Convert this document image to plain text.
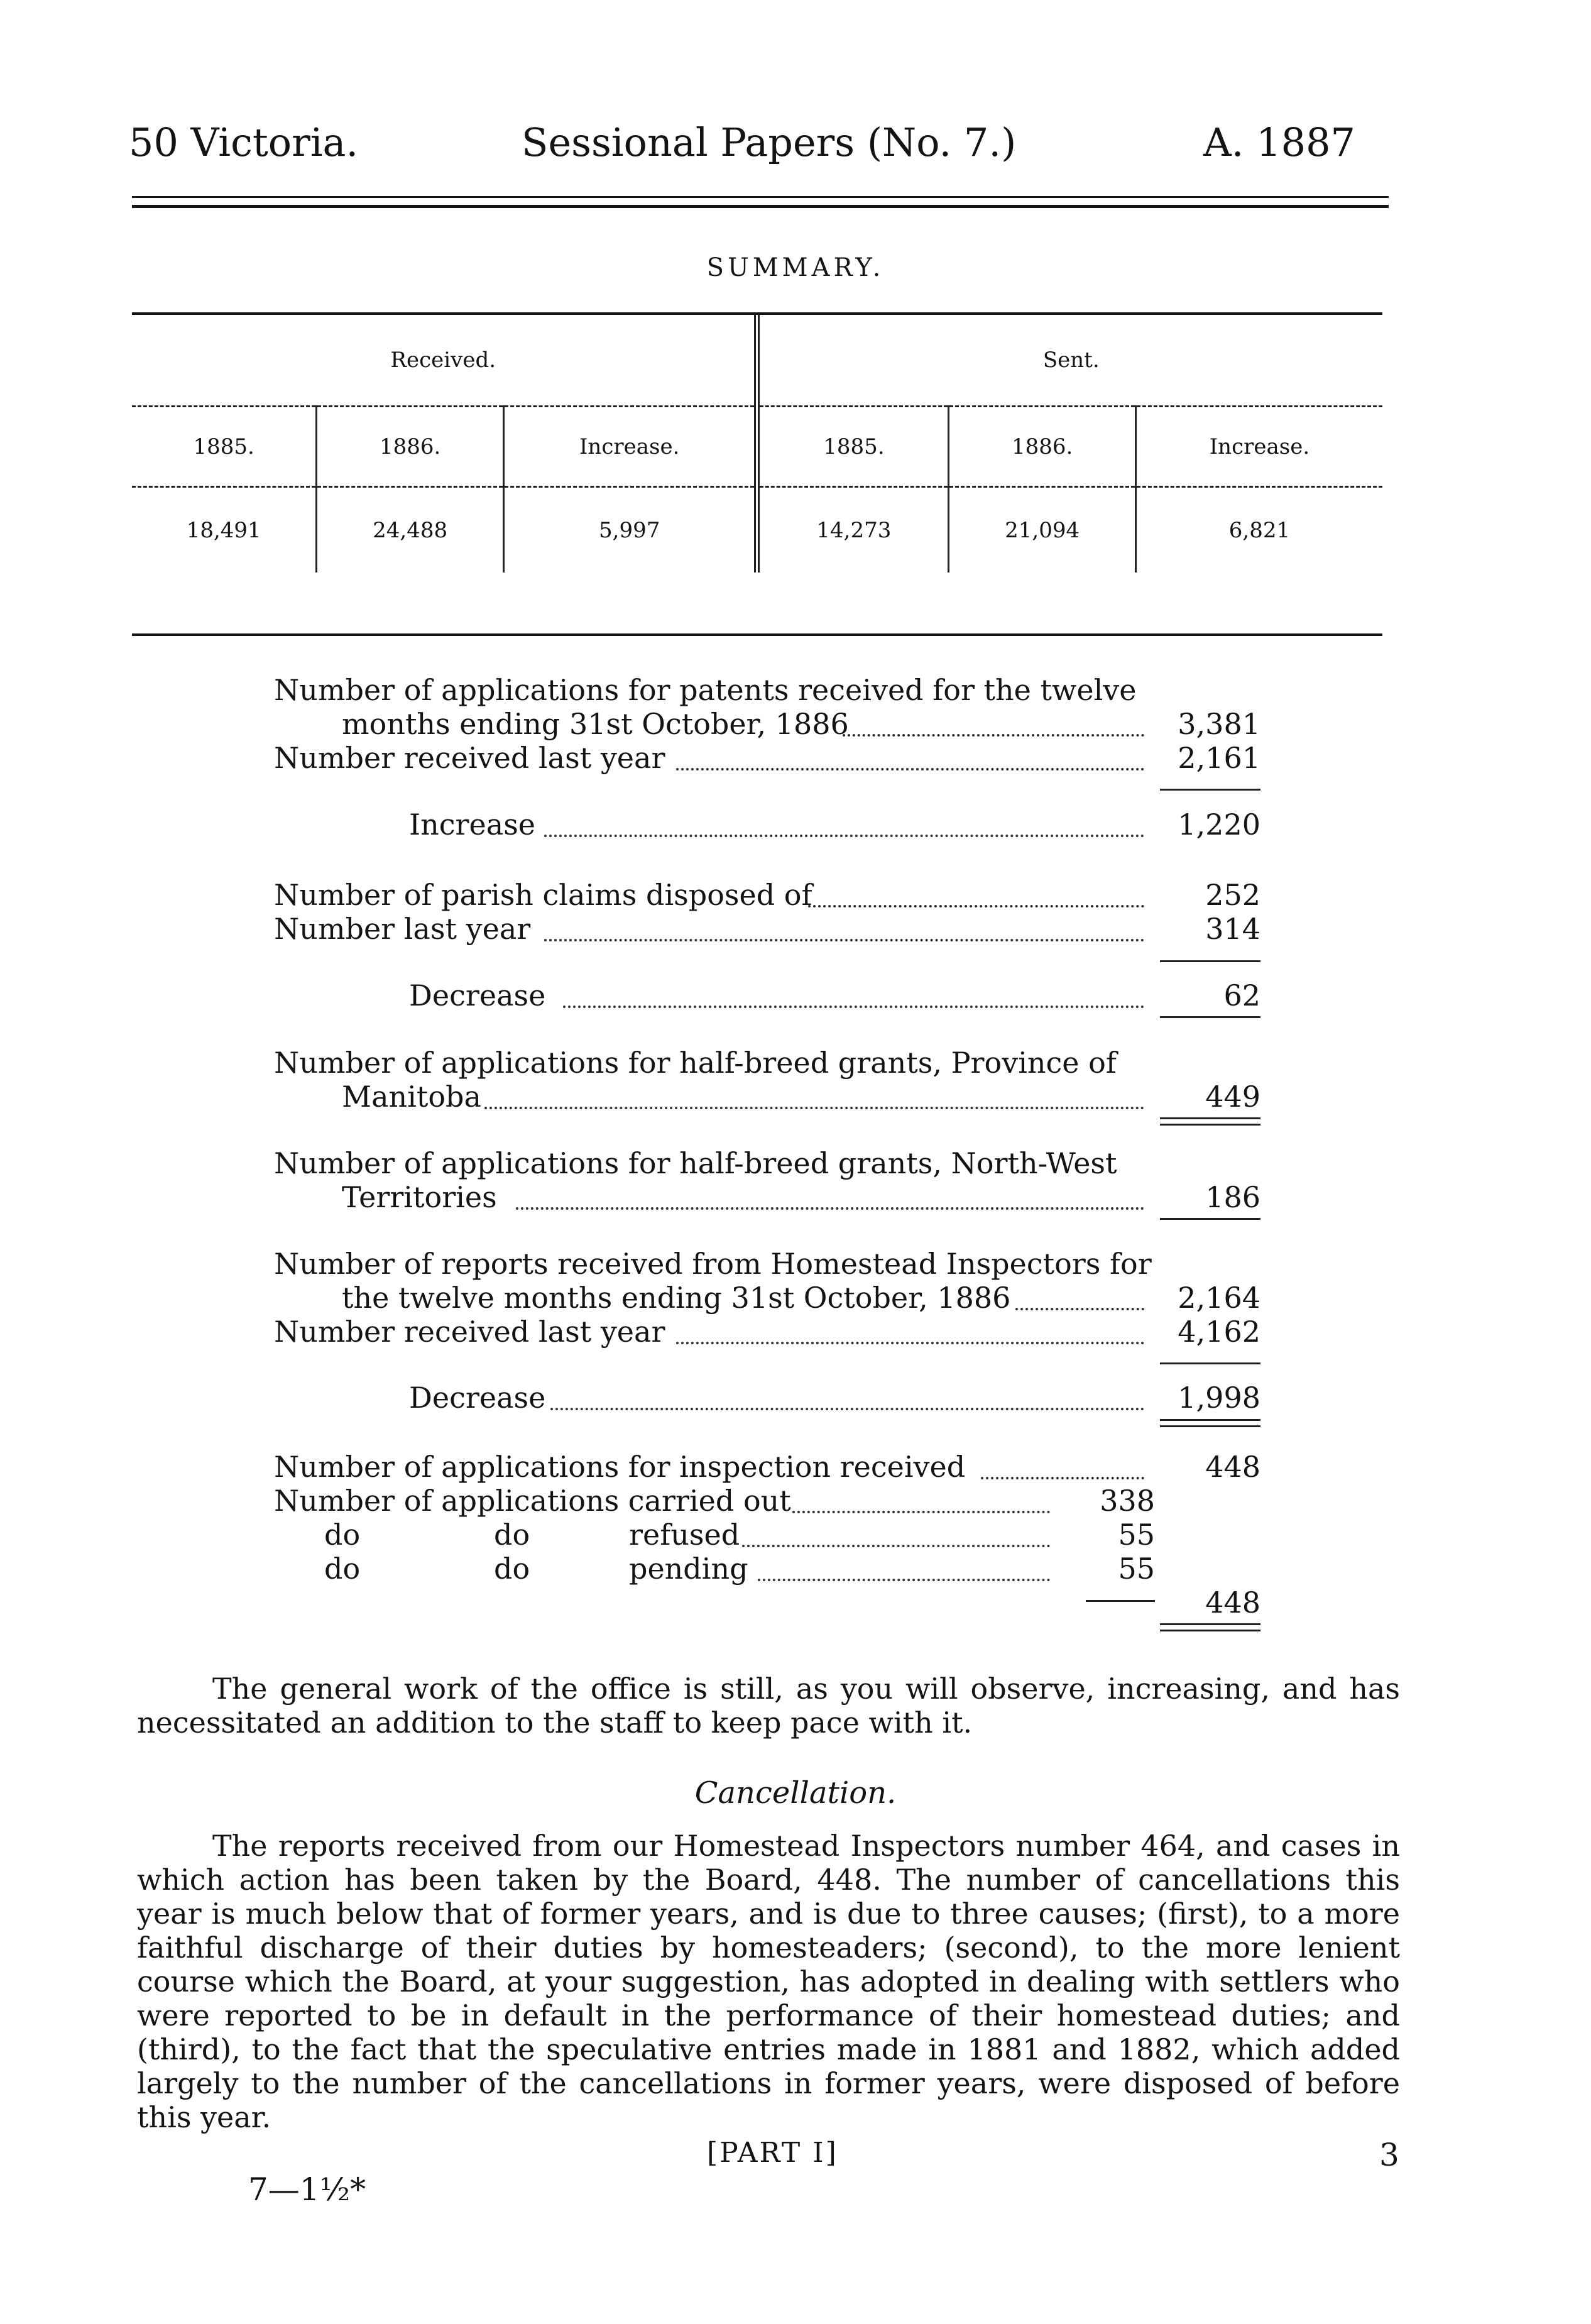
50 Victoria.	Sessional Papers (No. 7.)	A. 1887
SUMMARY.
Received.			Sent.		
1885.	1886.	Increase.	1885.	1886.	Increase.
18,491	24,488	5,997	14,273	21,094	6,821
Number of applications for patents received for the twelve
months ending 31st October, 1886	3,381
Number received last year	2,161
Increase	1,220
Number of parish claims disposed of	252
Number last year	314
Decrease	62
Number of applications for half-breed grants, Province of
Manitoba	449
Number of applications for half-breed grants, North-West
Territories	186
Number of reports received from Homestead Inspectors for
the twelve months ending 31st October, 1886	2,164
Number received last year	4,162
Decrease	1,998
Number of applications for inspection received	448
Number of applications carried out	338
do	do	refused	55
do	do	pending	55
448
The general work of the office is still, as you will observe, increasing, and has necessitated an addition to the staff to keep pace with it.
Cancellation.
The reports received from our Homestead Inspectors number 464, and cases in which action has been taken by the Board, 448. The number of cancellations this year is much below that of former years, and is due to three causes; (first), to a more faithful discharge of their duties by homesteaders; (second), to the more lenient course which the Board, at your suggestion, has adopted in dealing with settlers who were reported to be in default in the performance of their homestead duties; and (third), to the fact that the speculative entries made in 1881 and 1882, which added largely to the number of the cancellations in former years, were disposed of before this year.
7—1½*
[PART I]	3
